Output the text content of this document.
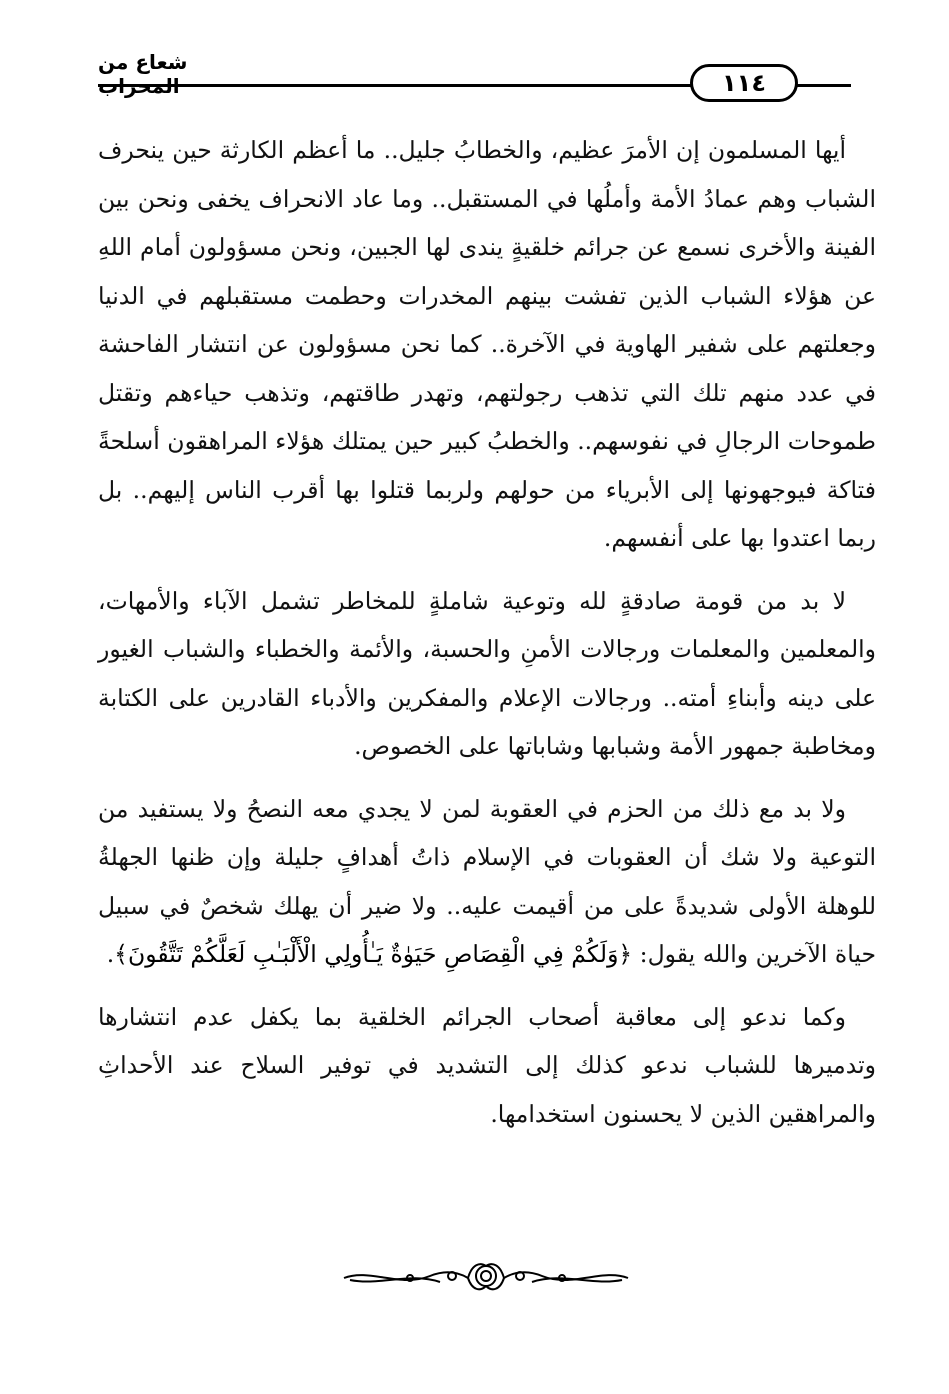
شعاع من المحراب	١١٤

أيها المسلمون إن الأمرَ عظيم، والخطابُ جليل.. ما أعظم الكارثة حين ينحرف الشباب وهم عمادُ الأمة وأملُها في المستقبل.. وما عاد الانحراف يخفى ونحن بين الفينة والأخرى نسمع عن جرائم خلقيةٍ يندى لها الجبين، ونحن مسؤولون أمام اللهِ عن هؤلاء الشباب الذين تفشت بينهم المخدرات وحطمت مستقبلهم في الدنيا وجعلتهم على شفير الهاوية في الآخرة.. كما نحن مسؤولون عن انتشار الفاحشة في عدد منهم تلك التي تذهب رجولتهم، وتهدر طاقتهم، وتذهب حياءهم وتقتل طموحات الرجالِ في نفوسهم.. والخطبُ كبير حين يمتلك هؤلاء المراهقون أسلحةً فتاكة فيوجهونها إلى الأبرياء من حولهم ولربما قتلوا بها أقرب الناس إليهم.. بل ربما اعتدوا بها على أنفسهم.

لا بد من قومة صادقةٍ لله وتوعية شاملةٍ للمخاطر تشمل الآباء والأمهات، والمعلمين والمعلمات ورجالات الأمنِ والحسبة، والأئمة والخطباء والشباب الغيور على دينه وأبناءِ أمته.. ورجالات الإعلام والمفكرين والأدباء القادرين على الكتابة ومخاطبة جمهور الأمة وشبابها وشاباتها على الخصوص.

ولا بد مع ذلك من الحزم في العقوبة لمن لا يجدي معه النصحُ ولا يستفيد من التوعية ولا شك أن العقوبات في الإسلام ذاتُ أهدافٍ جليلة وإن ظنها الجهلةُ للوهلة الأولى شديدةً على من أقيمت عليه.. ولا ضير أن يهلك شخصٌ في سبيل حياة الآخرين والله يقول: ﴿وَلَكُمْ فِي الْقِصَاصِ حَيَوٰةٌ يَـٰأُولِي الْأَلْبَـٰبِ لَعَلَّكُمْ تَتَّقُونَ﴾.

وكما ندعو إلى معاقبة أصحاب الجرائم الخلقية بما يكفل عدم انتشارها وتدميرها للشباب ندعو كذلك إلى التشديد في توفير السلاح عند الأحداثِ والمراهقين الذين لا يحسنون استخدامها.
